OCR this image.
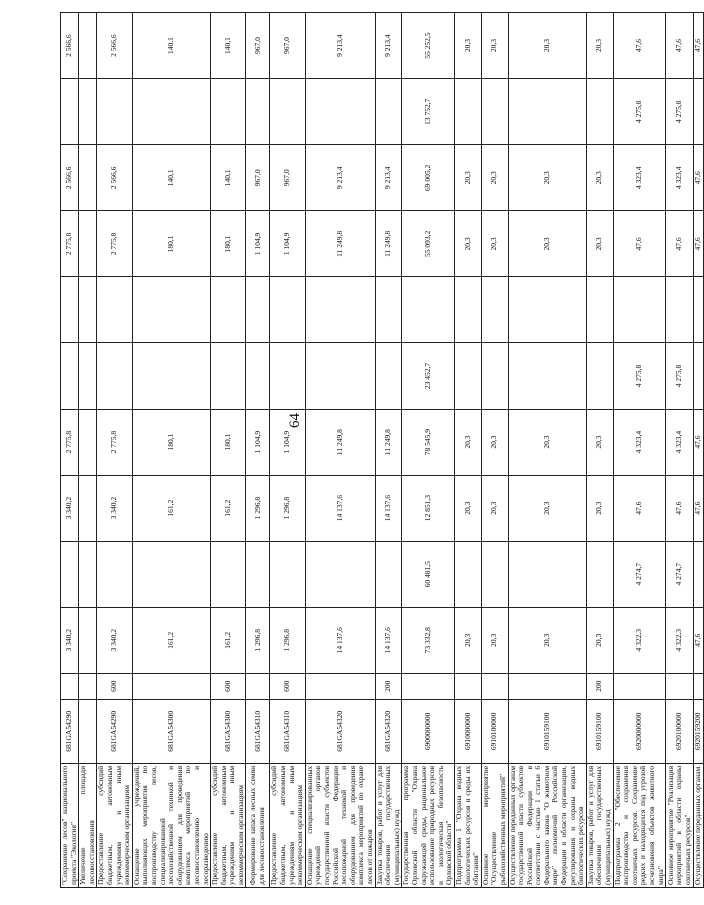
64
"Сохранение лесов" национального проекта "Экология"	681GA54290		3 340,2		3 340,2	2 775,8			2 775,8	2 566,6		2 566,6
Увеличение площади лесовосстановления												
Предоставление субсидий бюджетным, автономным учреждениям и иным некоммерческим организациям	681GA54290	600	3 340,2		3 340,2	2 775,8			2 775,8	2 566,6		2 566,6
Оснащение учреждений, выполняющих мероприятия по воспроизводству лесов, специализированной лесохозяйственной техникой и оборудованием для проведения комплекса мероприятий по лесовосстановлению и лесоразведению	681GA54300		161,2		161,2	180,1			180,1	140,1		140,1
Предоставление субсидий бюджетным, автономным учреждениям и иным некоммерческим организациям	681GA54300	600	161,2		161,2	180,1			180,1	140,1		140,1
Формирование запаса лесных семян для лесовосстановления	681GA54310		1 296,8		1 296,8	1 104,9			1 104,9	967,0		967,0
Предоставление субсидий бюджетным, автономным учреждениям и иным некоммерческим организациям	681GA54310	600	1 296,8		1 296,8	1 104,9			1 104,9	967,0		967,0
Оснащение специализированных учреждений органов государственной власти субъектов Российской Федерации лесопожарной техникой и оборудованием для проведения комплекса мероприятий по охране лесов от пожаров	681GA54320		14 137,6		14 137,6	11 249,8			11 249,8	9 213,4		9 213,4
Закупка товаров, работ и услуг для обеспечения государственных (муниципальных) нужд	681GA54320	200	14 137,6		14 137,6	11 249,8			11 249,8	9 213,4		9 213,4
Государственная программа Орловской области "Охрана окружающей среды, рациональное использование природных ресурсов и экологическая безопасность Орловской области"	6900000000		73 332,8	60 481,5	12 851,3	78 545,9	23 452,7		55 093,2	69 005,2	13 752,7	55 252,5
Подпрограмма 1 "Охрана водных биологических ресурсов и среды их обитания"	6910000000		20,3		20,3	20,3			20,3	20,3		20,3
Основное мероприятие "Осуществление рыбохозяйственных мероприятий"	6910100000		20,3		20,3	20,3			20,3	20,3		20,3
Осуществление переданных органам государственной власти субъектов Российской Федерации в соответствии с частью 1 статьи 6 Федерального закона "О животном мире" полномочий Российской Федерации в области организации, регулирования и охраны водных биологических ресурсов	6910159100		20,3		20,3	20,3			20,3	20,3		20,3
Закупка товаров, работ и услуг для обеспечения государственных (муниципальных) нужд	6910159100	200	20,3		20,3	20,3			20,3	20,3		20,3
Подпрограмма 2 "Обеспечение воспроизводства и сохранения охотничьих ресурсов. Сохранение редких и находящихся под угрозой исчезновения объектов животного мира"	6920000000		4 322,3	4 274,7	47,6	4 323,4	4 275,8		47,6	4 323,4	4 275,8	47,6
Основное мероприятие "Реализация мероприятий в области охраны охотничьих ресурсов"	6920100000		4 322,3	4 274,7	47,6	4 323,4	4 275,8		47,6	4 323,4	4 275,8	47,6
Осуществление переданных органам	6920159200		47,6		47,6	47,6			47,6	47,6		47,6
